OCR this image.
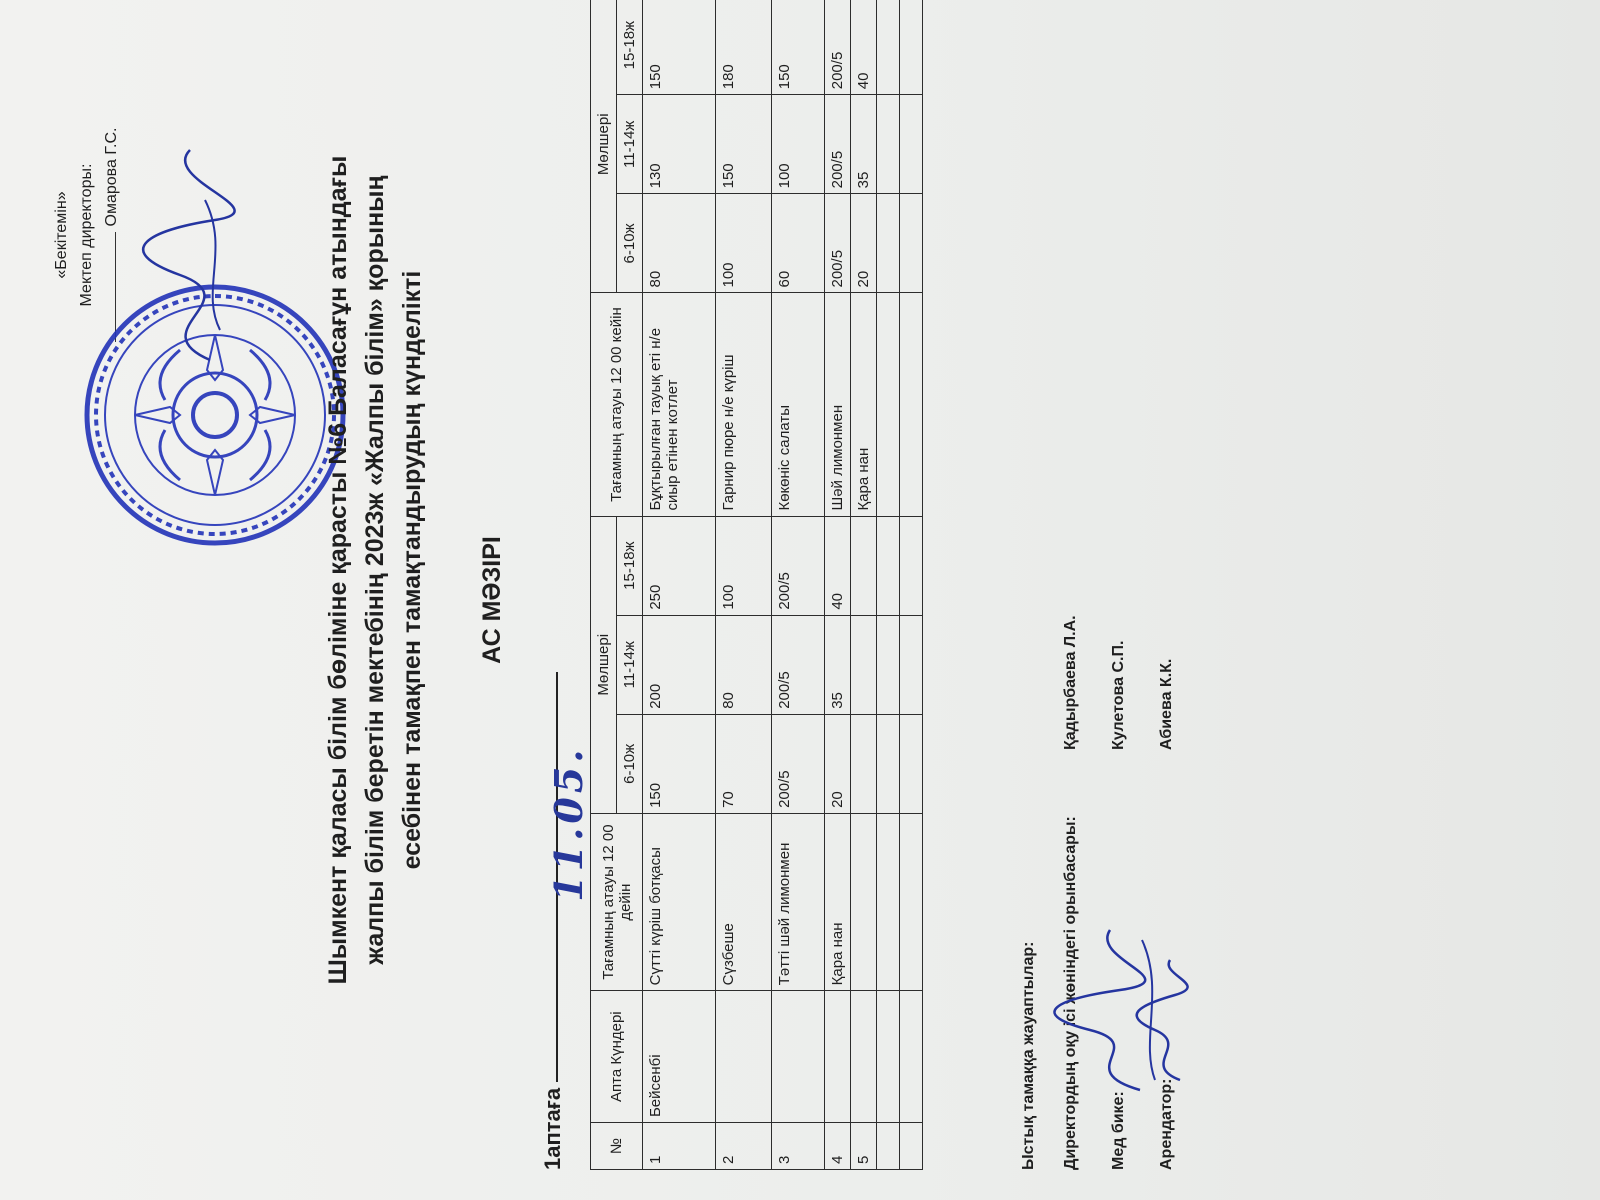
«Бекітемін» Мектеп директоры: Омарова Г.С.	Шымкент қаласы білім бөліміне қарасты №6 Баласағұн атындағы жалпы білім беретін мектебінің 2023ж «Жалпы білім» қорының есебінен тамақпен тамақтандырудың күнделікті АС МӘЗІРІ
1аптаға
11.05.
№	Апта Күндері	Тағамның атауы 12 00 дейін	Мөлшері			Тағамның атауы 12 00 кейін	Мөлшері		
			6-10ж	11-14ж	15-18ж		6-10ж	11-14ж	15-18ж
1	Бейсенбі	Сүтті күріш ботқасы	150	200	250	Бұқтырылған тауық еті н/е сиыр етінен котлет	80	130	150
2		Сүзбеше	70	80	100	Гарнир пюре н/е күріш	100	150	180
3		Тәтті шәй лимонмен	200/5	200/5	200/5	Көкөніс салаты	60	100	150
4		Қара нан	20	35	40	Шәй лимонмен	200/5	200/5	200/5
5						Қара нан	20	35	40

Ыстық тамаққа жауаптылар: Директордың оқу ісі жөніндегі орынбасары:
Қадырбаева Л.А.
Мед бике:
Кулетова С.П.
Арендатор:
Абиева К.К.
